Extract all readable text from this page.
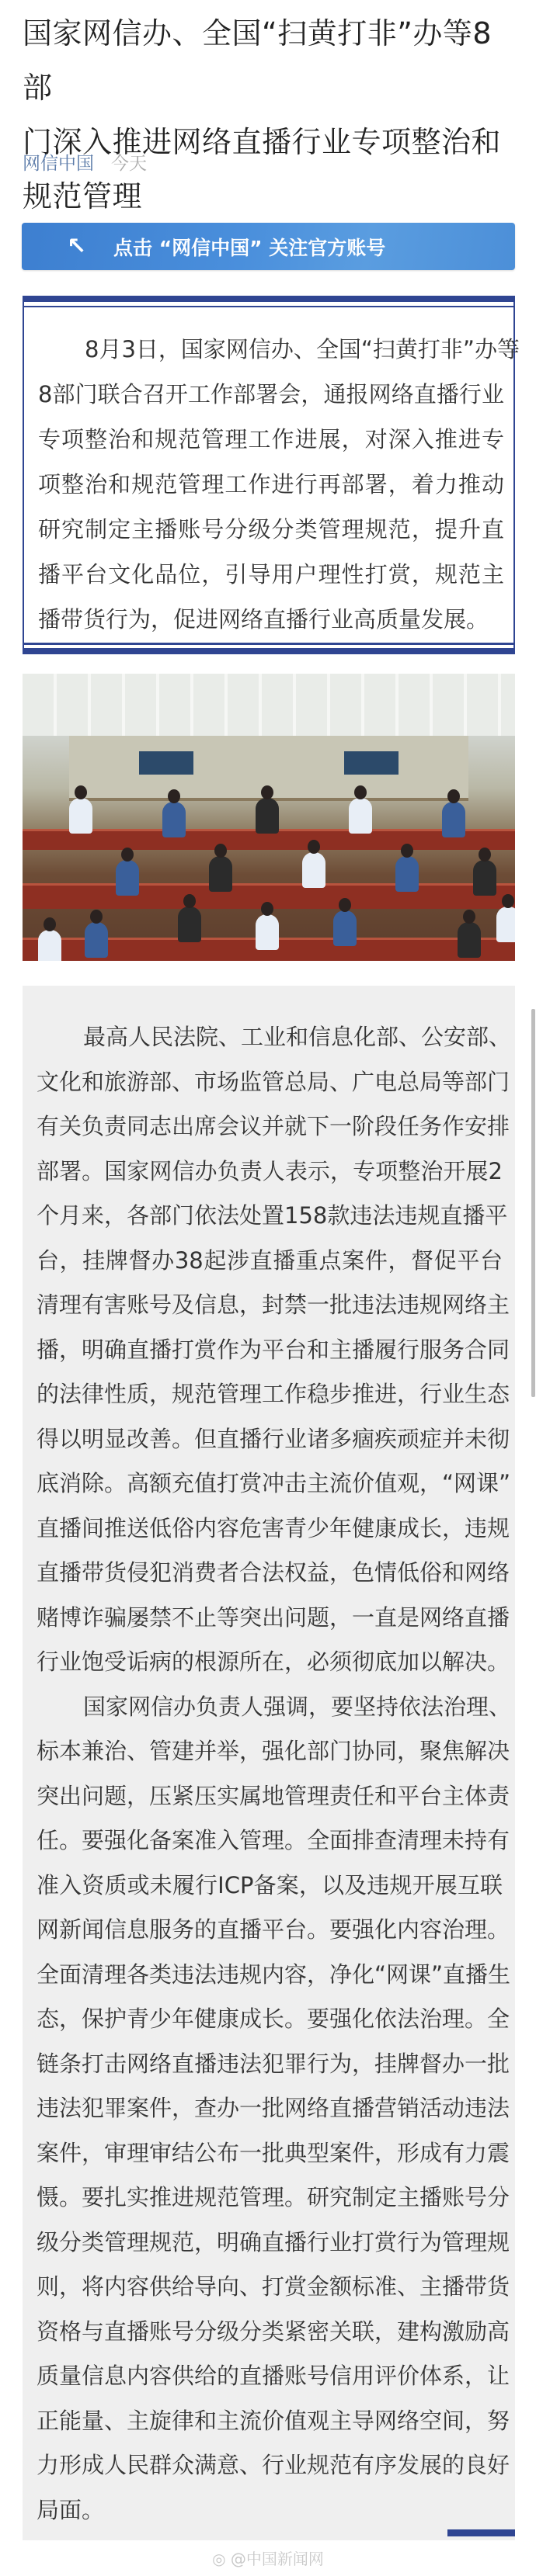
国家网信办、全国“扫黄打非”办等8部
门深入推进网络直播行业专项整治和
规范管理
网信中国 今天
↖	点击 “网信中国” 关注官方账号
8月3日，国家网信办、全国“扫黄打非”办等
8部门联合召开工作部署会，通报网络直播行业
专项整治和规范管理工作进展，对深入推进专
项整治和规范管理工作进行再部署，着力推动
研究制定主播账号分级分类管理规范，提升直
播平台文化品位，引导用户理性打赏，规范主
播带货行为，促进网络直播行业高质量发展。
最高人民法院、工业和信息化部、公安部、
文化和旅游部、市场监管总局、广电总局等部门
有关负责同志出席会议并就下一阶段任务作安排
部署。国家网信办负责人表示，专项整治开展2
个月来，各部门依法处置158款违法违规直播平
台，挂牌督办38起涉直播重点案件，督促平台
清理有害账号及信息，封禁一批违法违规网络主
播，明确直播打赏作为平台和主播履行服务合同
的法律性质，规范管理工作稳步推进，行业生态
得以明显改善。但直播行业诸多痼疾顽症并未彻
底消除。高额充值打赏冲击主流价值观，“网课”
直播间推送低俗内容危害青少年健康成长，违规
直播带货侵犯消费者合法权益，色情低俗和网络
赌博诈骗屡禁不止等突出问题，一直是网络直播
行业饱受诟病的根源所在，必须彻底加以解决。
国家网信办负责人强调，要坚持依法治理、
标本兼治、管建并举，强化部门协同，聚焦解决
突出问题，压紧压实属地管理责任和平台主体责
任。要强化备案准入管理。全面排查清理未持有
准入资质或未履行ICP备案，以及违规开展互联
网新闻信息服务的直播平台。要强化内容治理。
全面清理各类违法违规内容，净化“网课”直播生
态，保护青少年健康成长。要强化依法治理。全
链条打击网络直播违法犯罪行为，挂牌督办一批
违法犯罪案件，查办一批网络直播营销活动违法
案件，审理审结公布一批典型案件，形成有力震
慑。要扎实推进规范管理。研究制定主播账号分
级分类管理规范，明确直播行业打赏行为管理规
则，将内容供给导向、打赏金额标准、主播带货
资格与直播账号分级分类紧密关联，建构激励高
质量信息内容供给的直播账号信用评价体系，让
正能量、主旋律和主流价值观主导网络空间，努
力形成人民群众满意、行业规范有序发展的良好
局面。
◎ @中国新闻网
